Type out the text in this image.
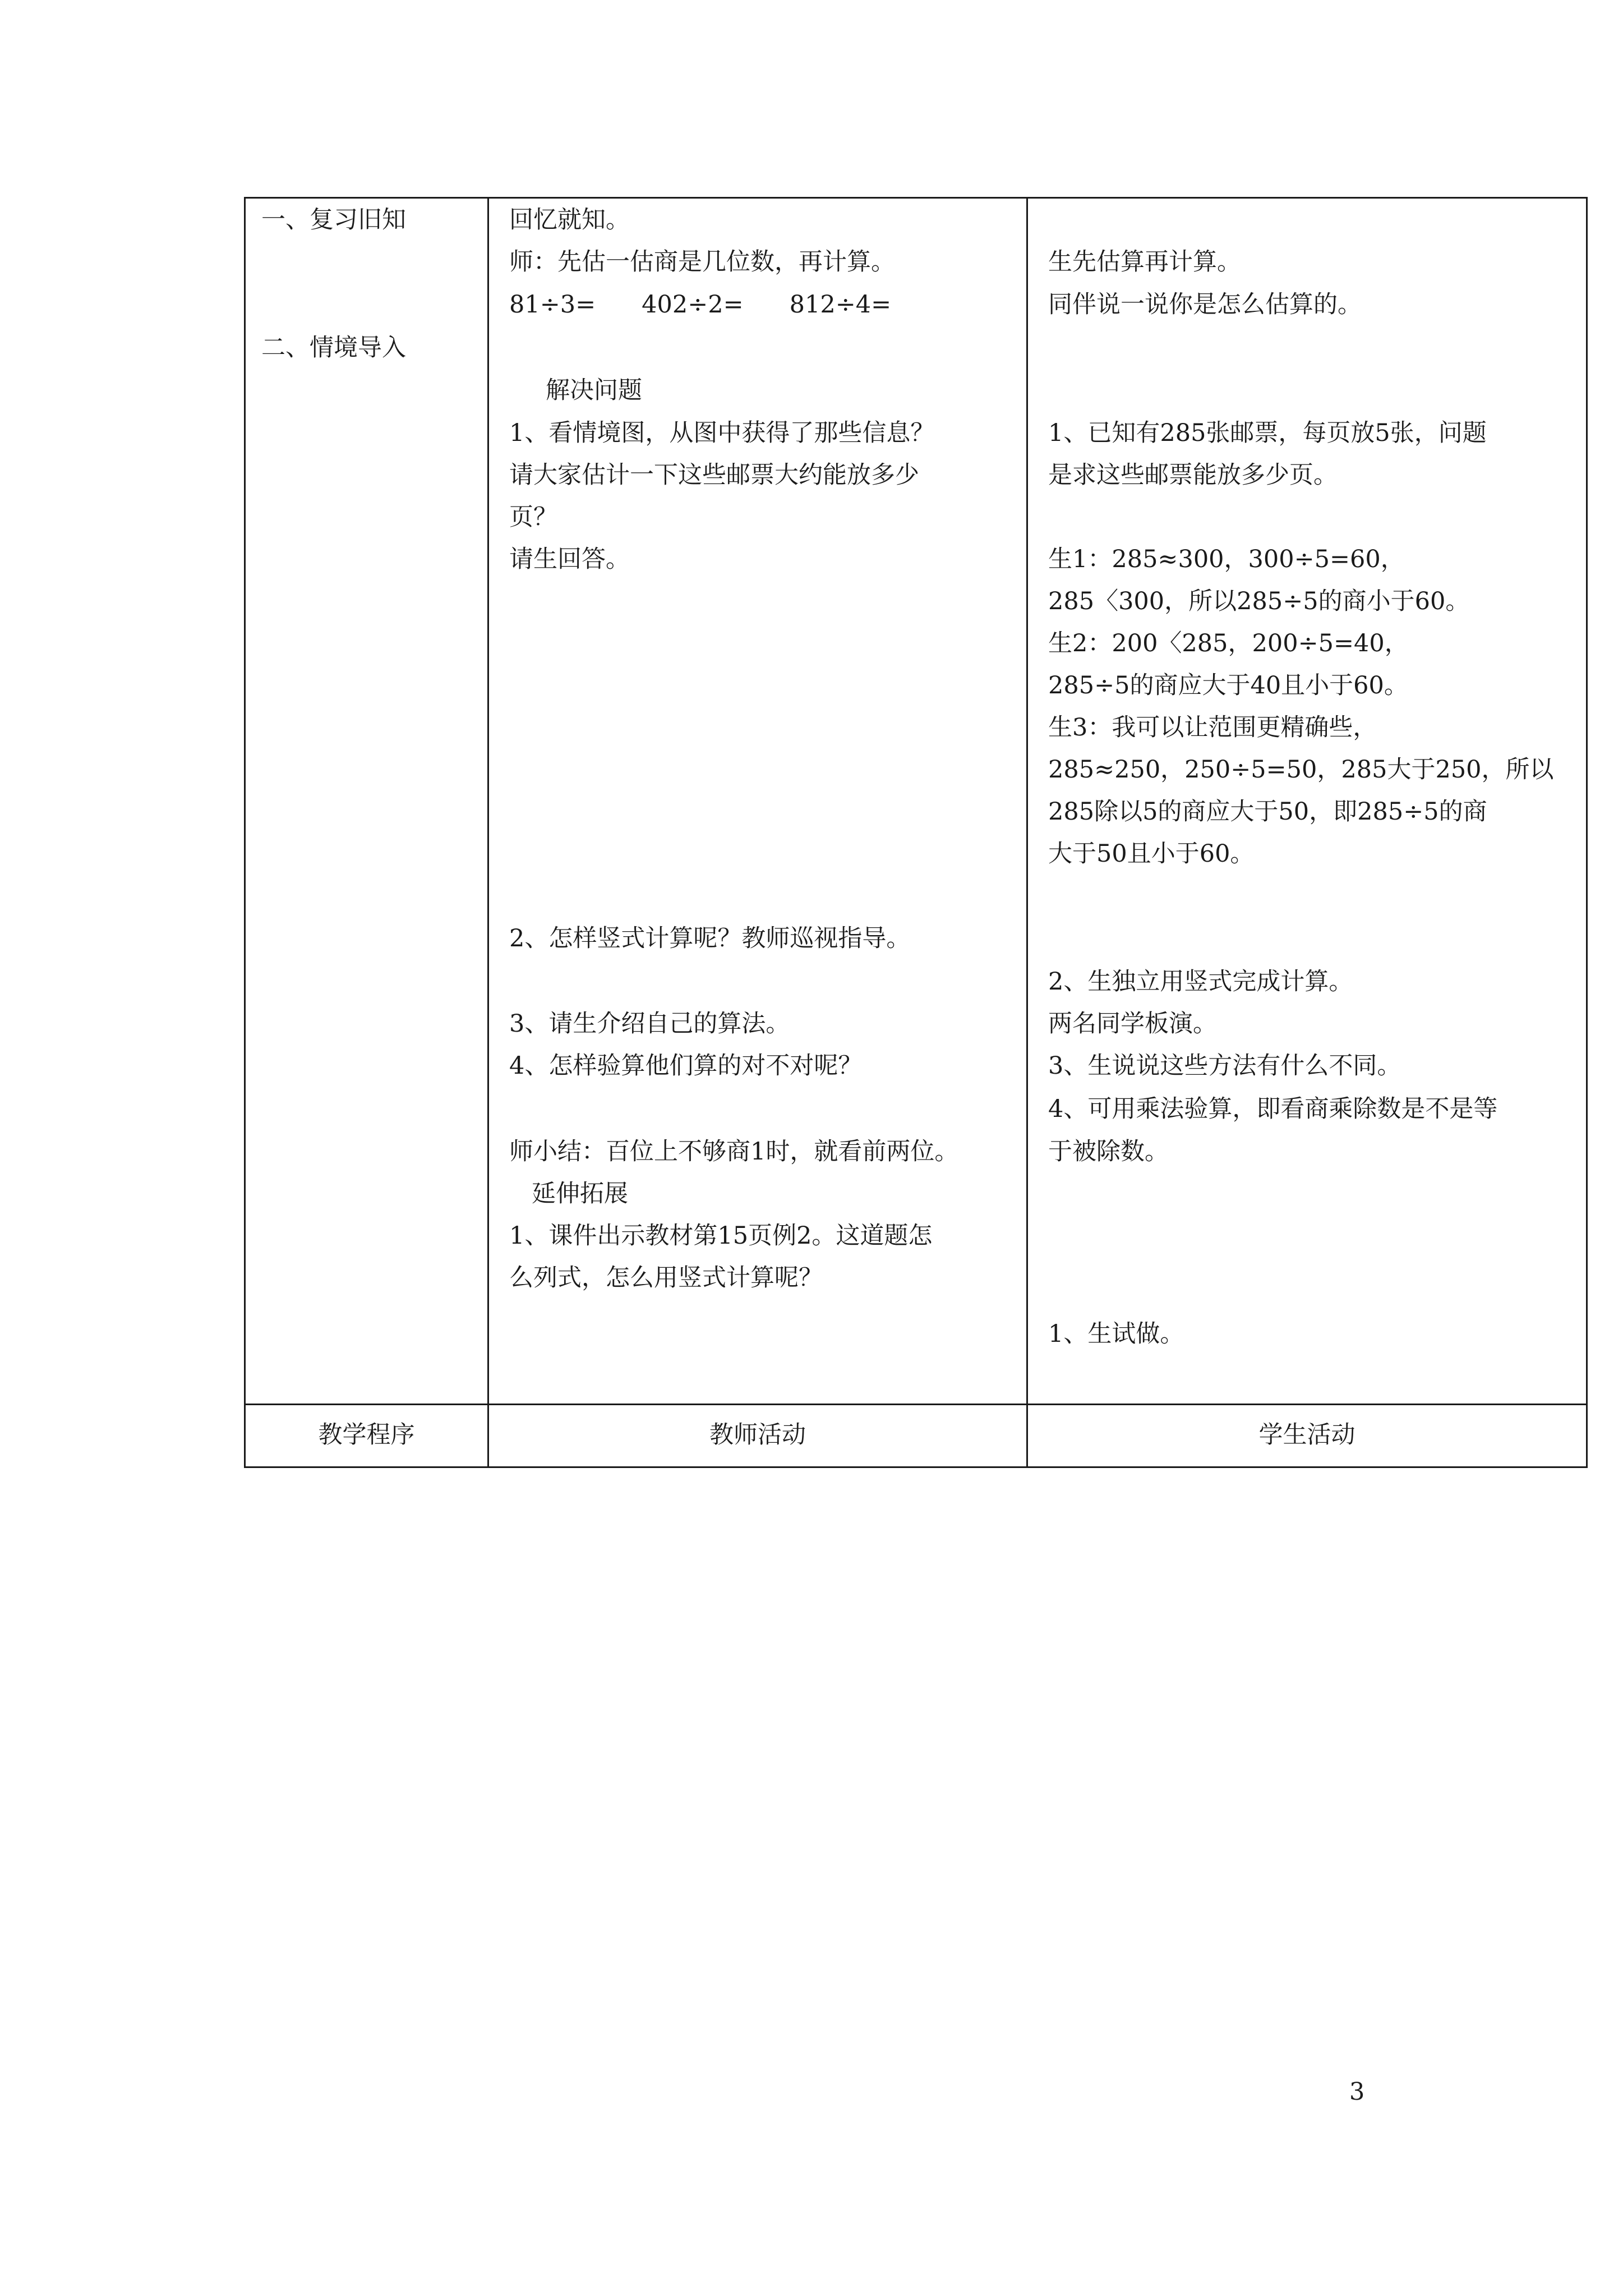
一、复习旧知
二、情境导入
回忆就知。
师：先估一估商是几位数，再计算。
81÷3=      402÷2=      812÷4=
解决问题
1、看情境图，从图中获得了那些信息？
请大家估计一下这些邮票大约能放多少
页？
请生回答。
2、怎样竖式计算呢？教师巡视指导。
3、请生介绍自己的算法。
4、怎样验算他们算的对不对呢？
师小结：百位上不够商1时，就看前两位。
延伸拓展
1、课件出示教材第15页例2。这道题怎
么列式，怎么用竖式计算呢？
生先估算再计算。
同伴说一说你是怎么估算的。
1、已知有285张邮票，每页放5张，问题
是求这些邮票能放多少页。
生1：285≈300，300÷5=60，
285〈300，所以285÷5的商小于60。
生2：200〈285，200÷5=40，
285÷5的商应大于40且小于60。
生3：我可以让范围更精确些，
285≈250，250÷5=50，285大于250，所以
285除以5的商应大于50，即285÷5的商
大于50且小于60。
2、生独立用竖式完成计算。
两名同学板演。
3、生说说这些方法有什么不同。
4、可用乘法验算，即看商乘除数是不是等
于被除数。
1、生试做。
教学程序	教师活动	学生活动
3
